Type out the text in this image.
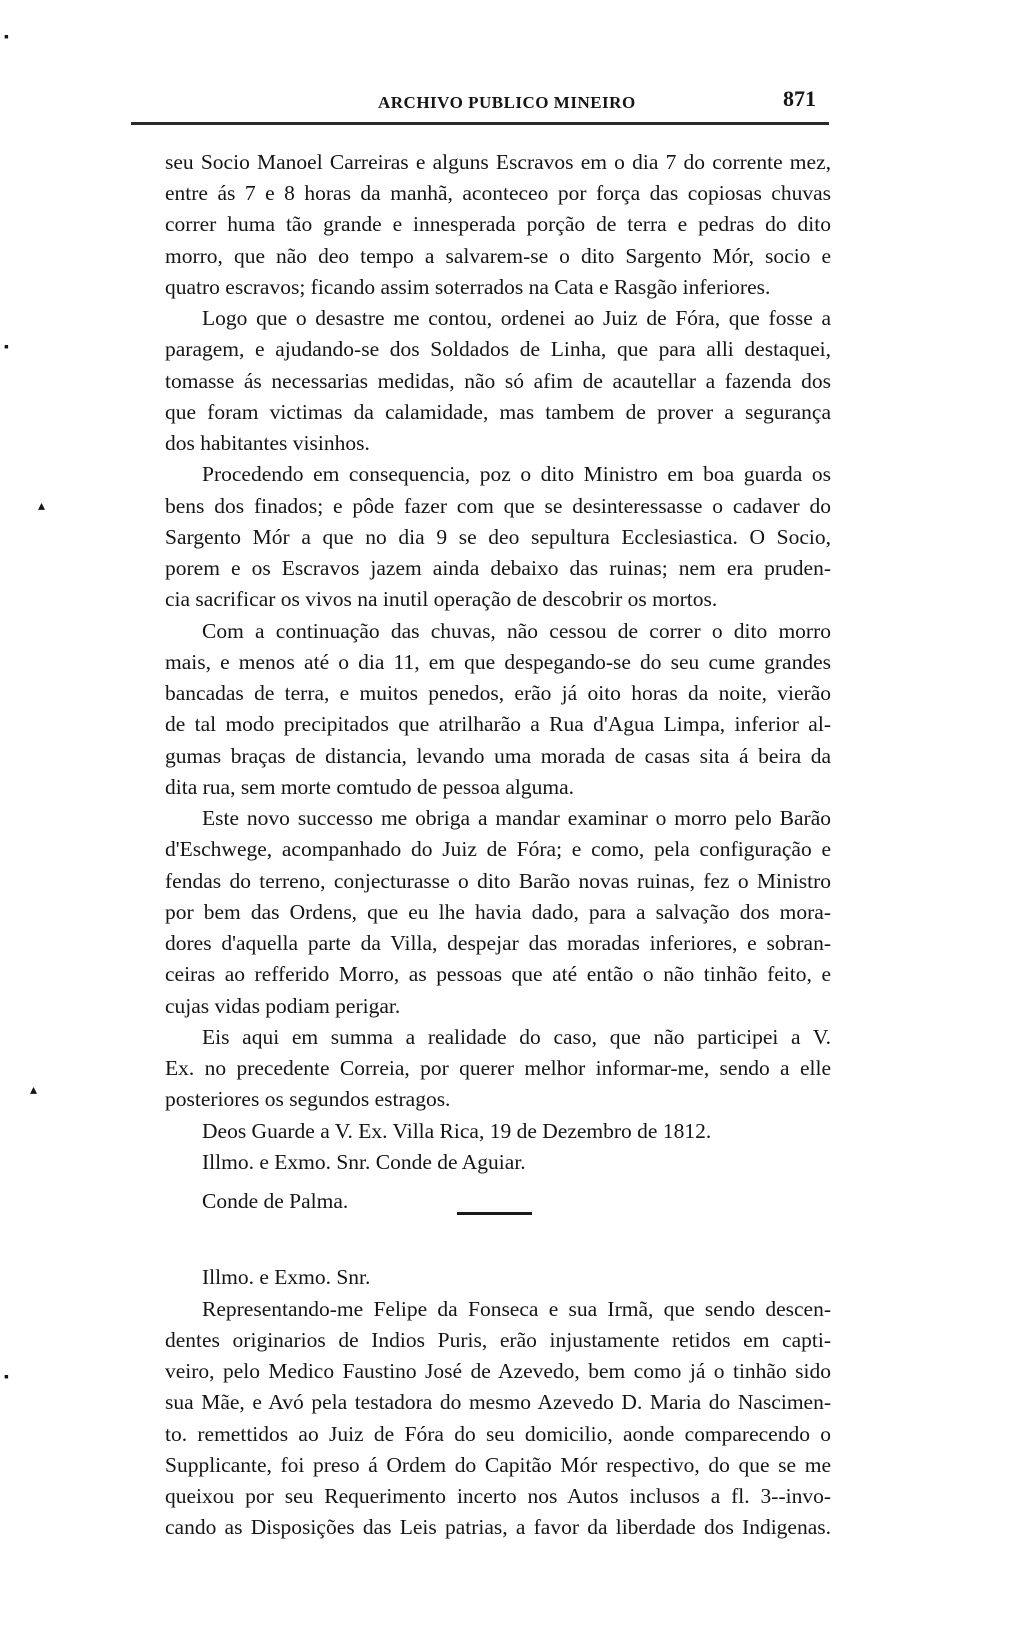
ARCHIVO PUBLICO MINEIRO	871
seu Socio Manoel Carreiras e alguns Escravos em o dia 7 do corrente mez,
entre ás 7 e 8 horas da manhã, aconteceo por força das copiosas chuvas
correr huma tão grande e innesperada porção de terra e pedras do dito
morro, que não deo tempo a salvarem-se o dito Sargento Mór, socio e
quatro escravos; ficando assim soterrados na Cata e Rasgão inferiores.
Logo que o desastre me contou, ordenei ao Juiz de Fóra, que fosse a
paragem, e ajudando-se dos Soldados de Linha, que para alli destaquei,
tomasse ás necessarias medidas, não só afim de acautellar a fazenda dos
que foram victimas da calamidade, mas tambem de prover a segurança
dos habitantes visinhos.
Procedendo em consequencia, poz o dito Ministro em boa guarda os
bens dos finados; e pôde fazer com que se desinteressasse o cadaver do
Sargento Mór a que no dia 9 se deo sepultura Ecclesiastica. O Socio,
porem e os Escravos jazem ainda debaixo das ruinas; nem era pruden-
cia sacrificar os vivos na inutil operação de descobrir os mortos.
Com a continuação das chuvas, não cessou de correr o dito morro
mais, e menos até o dia 11, em que despegando-se do seu cume grandes
bancadas de terra, e muitos penedos, erão já oito horas da noite, vierão
de tal modo precipitados que atrilharão a Rua d'Agua Limpa, inferior al-
gumas braças de distancia, levando uma morada de casas sita á beira da
dita rua, sem morte comtudo de pessoa alguma.
Este novo successo me obriga a mandar examinar o morro pelo Barão
d'Eschwege, acompanhado do Juiz de Fóra; e como, pela configuração e
fendas do terreno, conjecturasse o dito Barão novas ruinas, fez o Ministro
por bem das Ordens, que eu lhe havia dado, para a salvação dos mora-
dores d'aquella parte da Villa, despejar das moradas inferiores, e sobran-
ceiras ao refferido Morro, as pessoas que até então o não tinhão feito, e
cujas vidas podiam perigar.
Eis aqui em summa a realidade do caso, que não participei a V.
Ex. no precedente Correia, por querer melhor informar-me, sendo a elle
posteriores os segundos estragos.
Deos Guarde a V. Ex. Villa Rica, 19 de Dezembro de 1812.
Illmo. e Exmo. Snr. Conde de Aguiar.
Conde de Palma.
Illmo. e Exmo. Snr.
Representando-me Felipe da Fonseca e sua Irmã, que sendo descen-
dentes originarios de Indios Puris, erão injustamente retidos em capti-
veiro, pelo Medico Faustino José de Azevedo, bem como já o tinhão sido
sua Mãe, e Avó pela testadora do mesmo Azevedo D. Maria do Nascimen-
to. remettidos ao Juiz de Fóra do seu domicilio, aonde comparecendo o
Supplicante, foi preso á Ordem do Capitão Mór respectivo, do que se me
queixou por seu Requerimento incerto nos Autos inclusos a fl. 3--invo-
cando as Disposições das Leis patrias, a favor da liberdade dos Indigenas.
▪
▪
▴
▴
▪
